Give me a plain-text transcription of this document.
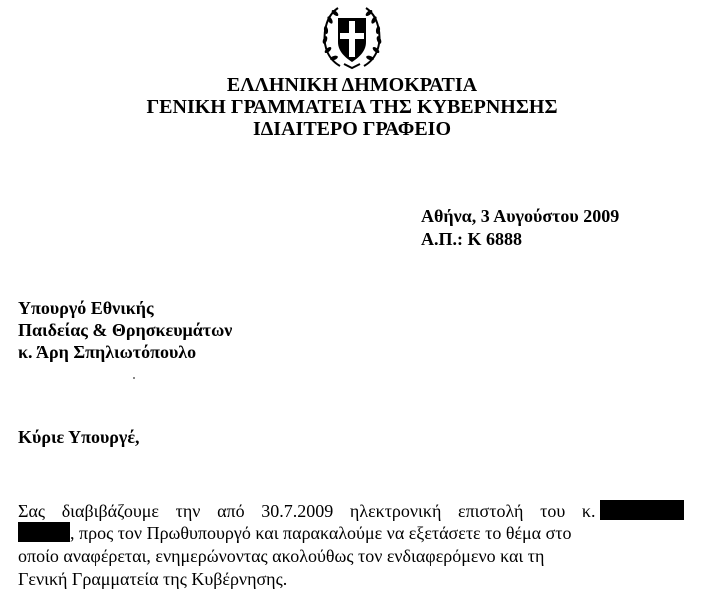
ΕΛΛΗΝΙΚΗ ΔΗΜΟΚΡΑΤΙΑ
ΓΕΝΙΚΗ ΓΡΑΜΜΑΤΕΙΑ ΤΗΣ ΚΥΒΕΡΝΗΣΗΣ
ΙΔΙΑΙΤΕΡΟ ΓΡΑΦΕΙΟ
Αθήνα, 3 Αυγούστου 2009
Α.Π.: Κ 6888
Υπουργό Εθνικής
Παιδείας & Θρησκευμάτων
κ. Άρη Σπηλιωτόπουλο
Κύριε Υπουργέ,
Σας διαβιβάζουμε την από 30.7.2009 ηλεκτρονική επιστολή του κ.
, προς τον Πρωθυπουργό και παρακαλούμε να εξετάσετε το θέμα στο
οποίο αναφέρεται, ενημερώνοντας ακολούθως τον ενδιαφερόμενο και τη
Γενική Γραμματεία της Κυβέρνησης.
